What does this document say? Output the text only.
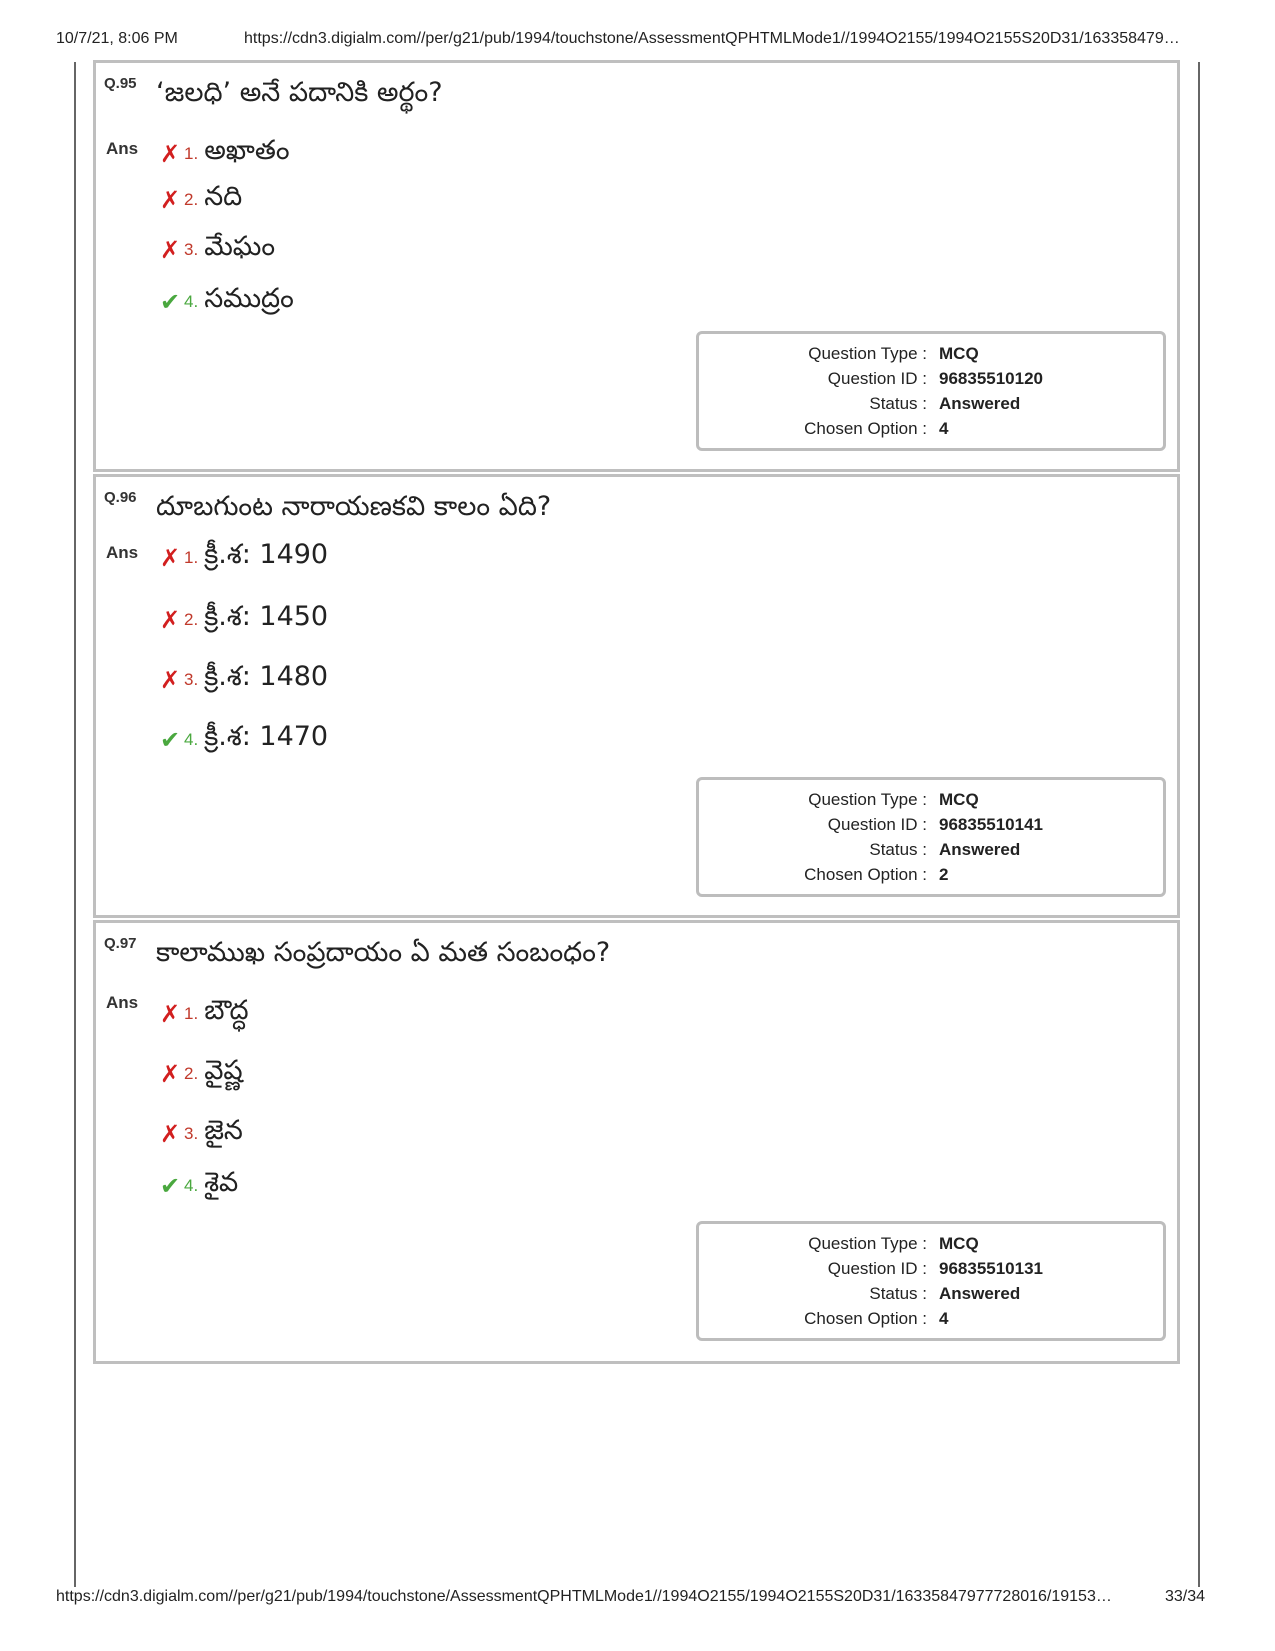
10/7/21, 8:06 PM	https://cdn3.digialm.com//per/g21/pub/1994/touchstone/AssessmentQPHTMLMode1//1994O2155/1994O2155S20D31/163358479…
Q.95 ‘జలధి’ అనే పదానికి అర్థం?
Ans ✗ 1. అఖాతం
✗ 2. నది
✗ 3. మేఘం
✔ 4. సముద్రం
Question Type : MCQ
Question ID : 96835510120
Status : Answered
Chosen Option : 4
Q.96 దూబగుంట నారాయణకవి కాలం ఏది?
Ans ✗ 1. క్రీ.శ: 1490
✗ 2. క్రీ.శ: 1450
✗ 3. క్రీ.శ: 1480
✔ 4. క్రీ.శ: 1470
Question Type : MCQ
Question ID : 96835510141
Status : Answered
Chosen Option : 2
Q.97 కాలాముఖ సంప్రదాయం ఏ మత సంబంధం?
Ans ✗ 1. బౌద్ధ
✗ 2. వైష్ణ
✗ 3. జైన
✔ 4. శైవ
Question Type : MCQ
Question ID : 96835510131
Status : Answered
Chosen Option : 4
https://cdn3.digialm.com//per/g21/pub/1994/touchstone/AssessmentQPHTMLMode1//1994O2155/1994O2155S20D31/16335847977728016/19153…	33/34
